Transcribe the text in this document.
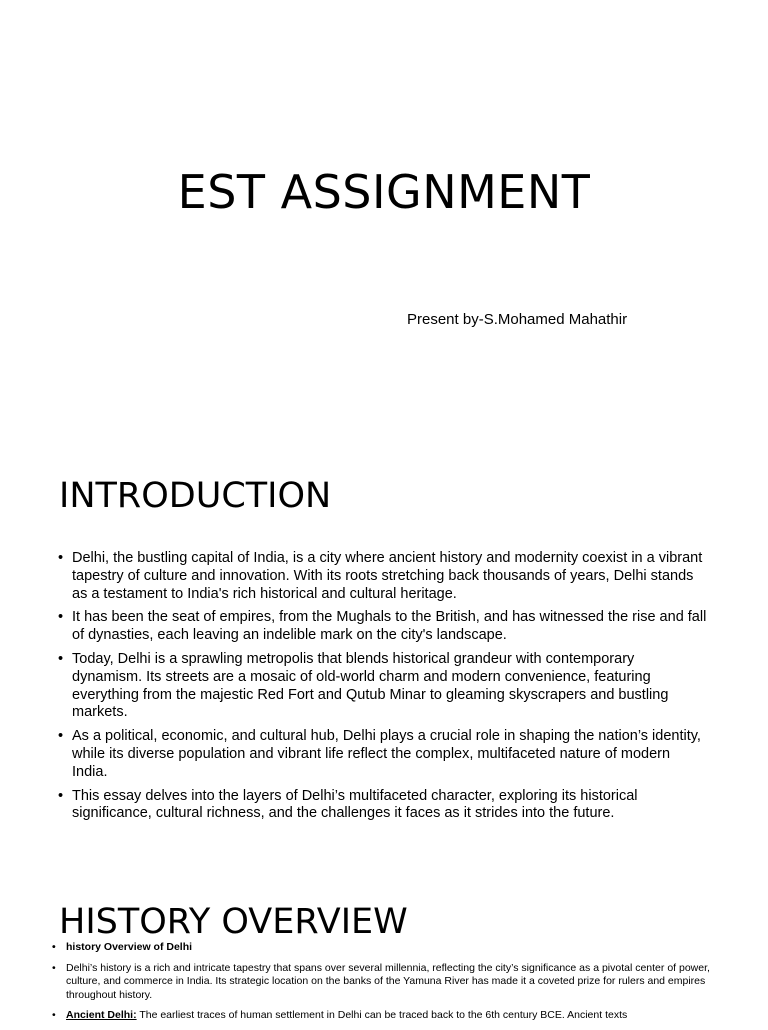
EST ASSIGNMENT
Present by-S.Mohamed Mahathir
INTRODUCTION
• Delhi, the bustling capital of India, is a city where ancient history and modernity coexist in a vibrant tapestry of culture and innovation. With its roots stretching back thousands of years, Delhi stands as a testament to India's rich historical and cultural heritage.
• It has been the seat of empires, from the Mughals to the British, and has witnessed the rise and fall of dynasties, each leaving an indelible mark on the city's landscape.
• Today, Delhi is a sprawling metropolis that blends historical grandeur with contemporary dynamism. Its streets are a mosaic of old-world charm and modern convenience, featuring everything from the majestic Red Fort and Qutub Minar to gleaming skyscrapers and bustling markets.
• As a political, economic, and cultural hub, Delhi plays a crucial role in shaping the nation’s identity, while its diverse population and vibrant life reflect the complex, multifaceted nature of modern India.
• This essay delves into the layers of Delhi’s multifaceted character, exploring its historical significance, cultural richness, and the challenges it faces as it strides into the future.
HISTORY OVERVIEW
• history Overview of Delhi
• Delhi’s history is a rich and intricate tapestry that spans over several millennia, reflecting the city’s significance as a pivotal center of power, culture, and commerce in India. Its strategic location on the banks of the Yamuna River has made it a coveted prize for rulers and empires throughout history.
• Ancient Delhi: The earliest traces of human settlement in Delhi can be traced back to the 6th century BCE. Ancient texts
